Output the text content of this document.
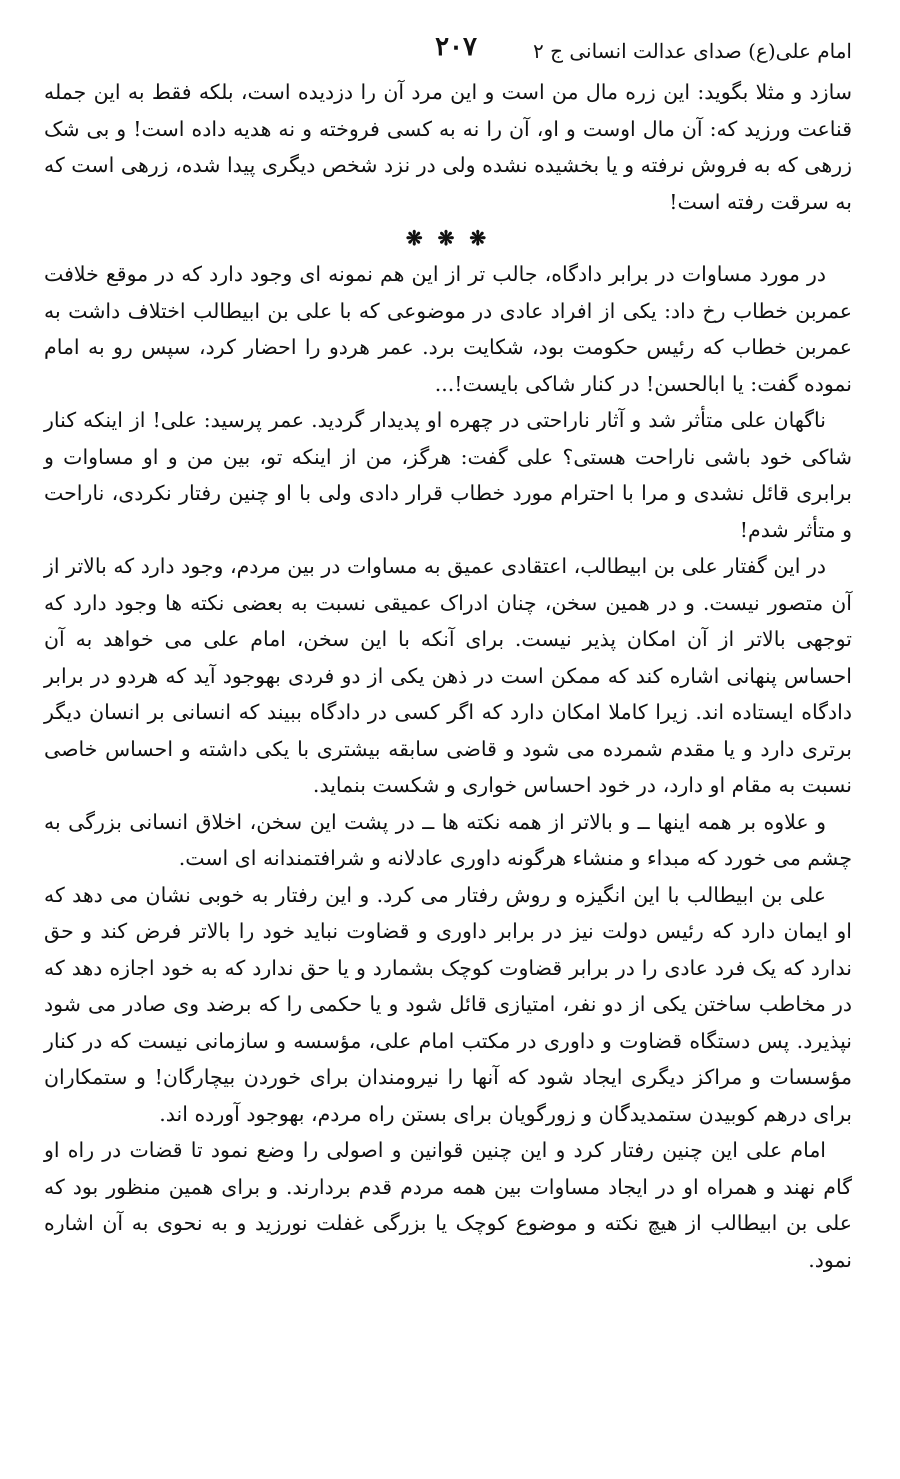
امام علی(ع) صدای عدالت انسانی ج ۲
۲۰۷

سازد و مثلا بگوید: این زره مال من است و این مرد آن را دزدیده است، بلکه فقط به این جمله قناعت ورزید که: آن مال اوست و او، آن را نه به کسی فروخته و نه هدیه داده است! و بی شک زرهی که به فروش نرفته و یا بخشیده نشده ولی در نزد شخص دیگری پیدا شده، زرهی است که به سرقت رفته است!

❋ ❋ ❋

در مورد مساوات در برابر دادگاه، جالب تر از این هم نمونه ای وجود دارد که در موقع خلافت عمربن خطاب رخ داد: یکی از افراد عادی در موضوعی که با علی بن ابیطالب اختلاف داشت به عمربن خطاب که رئیس حکومت بود، شکایت برد. عمر هردو را احضار کرد، سپس رو به امام نموده گفت: یا ابالحسن! در کنار شاکی بایست!...

ناگهان علی متأثر شد و آثار ناراحتی در چهره او پدیدار گردید. عمر پرسید: علی! از اینکه کنار شاکی خود باشی ناراحت هستی؟ علی گفت: هرگز، من از اینکه تو، بین من و او مساوات و برابری قائل نشدی و مرا با احترام مورد خطاب قرار دادی ولی با او چنین رفتار نکردی، ناراحت و متأثر شدم!

در این گفتار علی بن ابیطالب، اعتقادی عمیق به مساوات در بین مردم، وجود دارد که بالاتر از آن متصور نیست. و در همین سخن، چنان ادراک عمیقی نسبت به بعضی نکته ها وجود دارد که توجهی بالاتر از آن امکان پذیر نیست. برای آنکه با این سخن، امام علی می خواهد به آن احساس پنهانی اشاره کند که ممکن است در ذهن یکی از دو فردی بهوجود آید که هردو در برابر دادگاه ایستاده اند. زیرا کاملا امکان دارد که اگر کسی در دادگاه ببیند که انسانی بر انسان دیگر برتری دارد و یا مقدم شمرده می شود و قاضی سابقه بیشتری با یکی داشته و احساس خاصی نسبت به مقام او دارد، در خود احساس خواری و شکست بنماید.

و علاوه بر همه اینها ــ و بالاتر از همه نکته ها ــ در پشت این سخن، اخلاق انسانی بزرگی به چشم می خورد که مبداء و منشاء هرگونه داوری عادلانه و شرافتمندانه ای است.

علی بن ابیطالب با این انگیزه و روش رفتار می کرد. و این رفتار به خوبی نشان می دهد که او ایمان دارد که رئیس دولت نیز در برابر داوری و قضاوت نباید خود را بالاتر فرض کند و حق ندارد که یک فرد عادی را در برابر قضاوت کوچک بشمارد و یا حق ندارد که به خود اجازه دهد که در مخاطب ساختن یکی از دو نفر، امتیازی قائل شود و یا حکمی را که برضد وی صادر می شود نپذیرد. پس دستگاه قضاوت و داوری در مکتب امام علی، مؤسسه و سازمانی نیست که در کنار مؤسسات و مراکز دیگری ایجاد شود که آنها را نیرومندان برای خوردن بیچارگان! و ستمکاران برای درهم کوبیدن ستمدیدگان و زورگویان برای بستن راه مردم، بهوجود آورده اند.

امام علی این چنین رفتار کرد و این چنین قوانین و اصولی را وضع نمود تا قضات در راه او گام نهند و همراه او در ایجاد مساوات بین همه مردم قدم بردارند. و برای همین منظور بود که علی بن ابیطالب از هیچ نکته و موضوع کوچک یا بزرگی غفلت نورزید و به نحوی به آن اشاره نمود.
